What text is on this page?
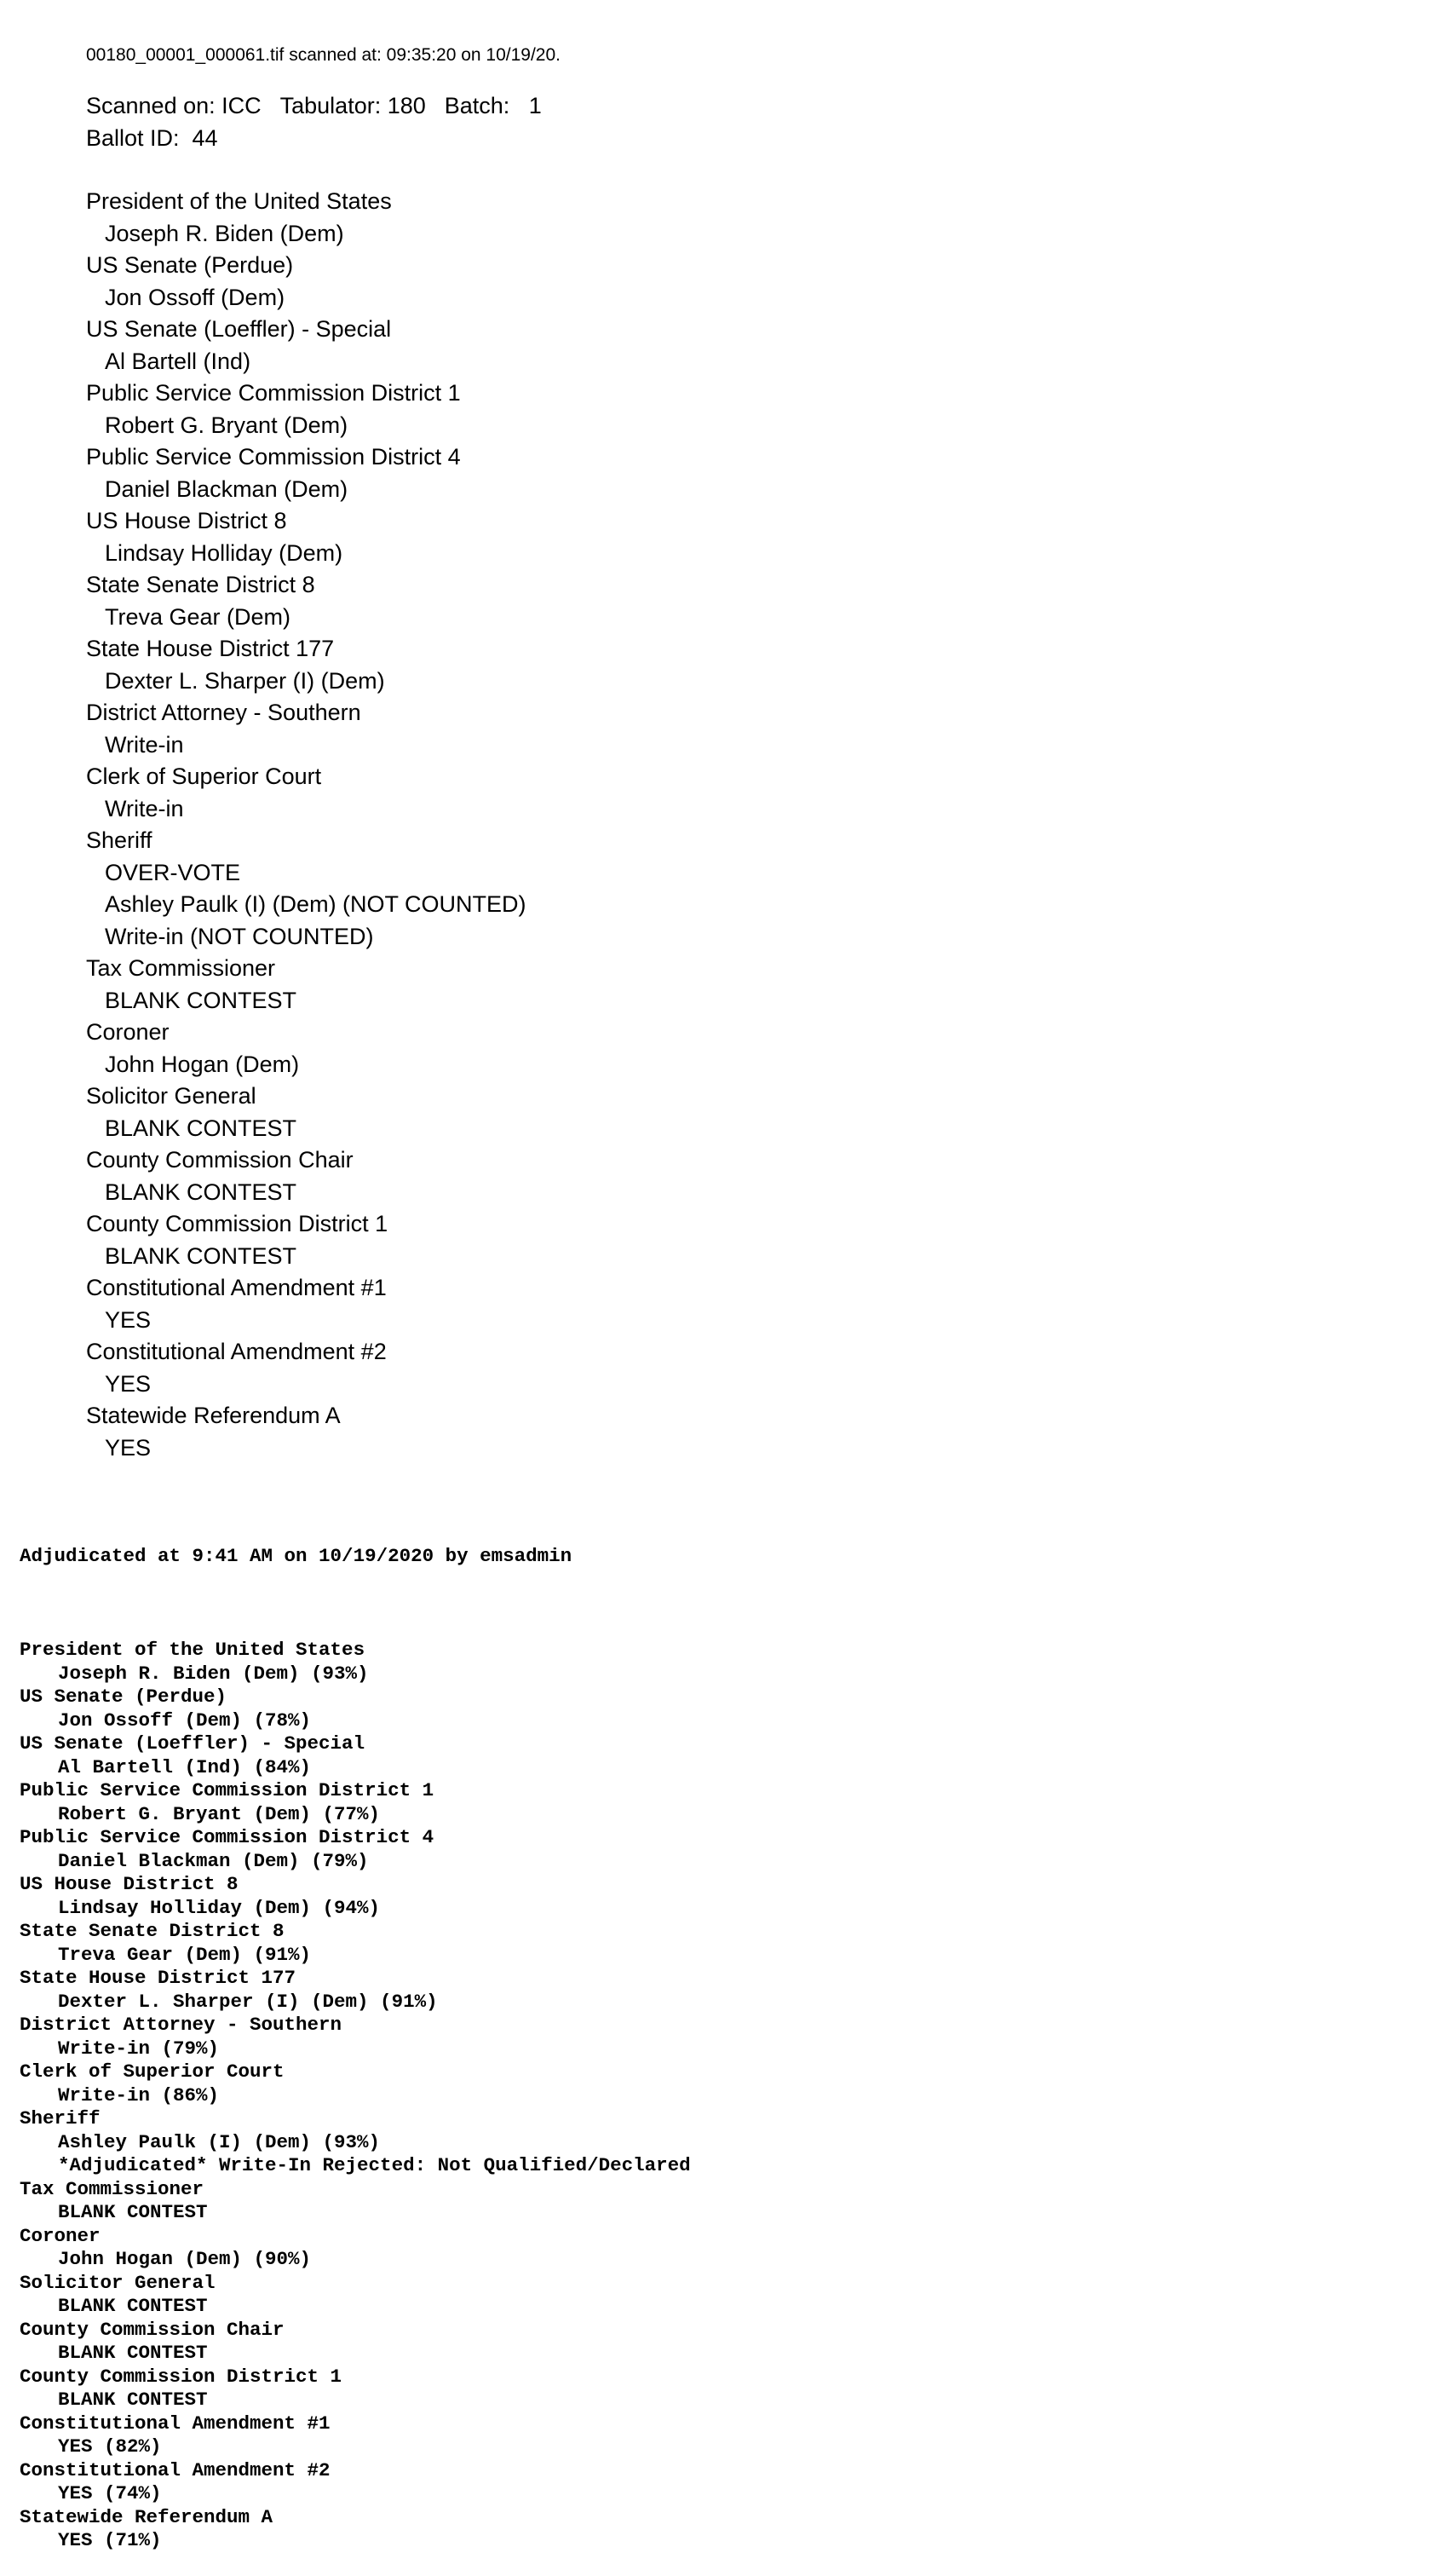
00180_00001_000061.tif scanned at: 09:35:20 on 10/19/20.
Scanned on: ICC Tabulator: 180 Batch:   1
Ballot ID:  44
President of the United States
Joseph R. Biden (Dem)
US Senate (Perdue)
Jon Ossoff (Dem)
US Senate (Loeffler) - Special
Al Bartell (Ind)
Public Service Commission District 1
Robert G. Bryant (Dem)
Public Service Commission District 4
Daniel Blackman (Dem)
US House District 8
Lindsay Holliday (Dem)
State Senate District 8
Treva Gear (Dem)
State House District 177
Dexter L. Sharper (I) (Dem)
District Attorney - Southern
Write-in
Clerk of Superior Court
Write-in
Sheriff
OVER-VOTE
Ashley Paulk (I) (Dem) (NOT COUNTED)
Write-in (NOT COUNTED)
Tax Commissioner
BLANK CONTEST
Coroner
John Hogan (Dem)
Solicitor General
BLANK CONTEST
County Commission Chair
BLANK CONTEST
County Commission District 1
BLANK CONTEST
Constitutional Amendment #1
YES
Constitutional Amendment #2
YES
Statewide Referendum A
YES

Adjudicated at 9:41 AM on 10/19/2020 by emsadmin

President of the United States
Joseph R. Biden (Dem) (93%)
US Senate (Perdue)
Jon Ossoff (Dem) (78%)
US Senate (Loeffler) - Special
Al Bartell (Ind) (84%)
Public Service Commission District 1
Robert G. Bryant (Dem) (77%)
Public Service Commission District 4
Daniel Blackman (Dem) (79%)
US House District 8
Lindsay Holliday (Dem) (94%)
State Senate District 8
Treva Gear (Dem) (91%)
State House District 177
Dexter L. Sharper (I) (Dem) (91%)
District Attorney - Southern
Write-in (79%)
Clerk of Superior Court
Write-in (86%)
Sheriff
Ashley Paulk (I) (Dem) (93%)
*Adjudicated* Write-In Rejected: Not Qualified/Declared
Tax Commissioner
BLANK CONTEST
Coroner
John Hogan (Dem) (90%)
Solicitor General
BLANK CONTEST
County Commission Chair
BLANK CONTEST
County Commission District 1
BLANK CONTEST
Constitutional Amendment #1
YES (82%)
Constitutional Amendment #2
YES (74%)
Statewide Referendum A
YES (71%)
